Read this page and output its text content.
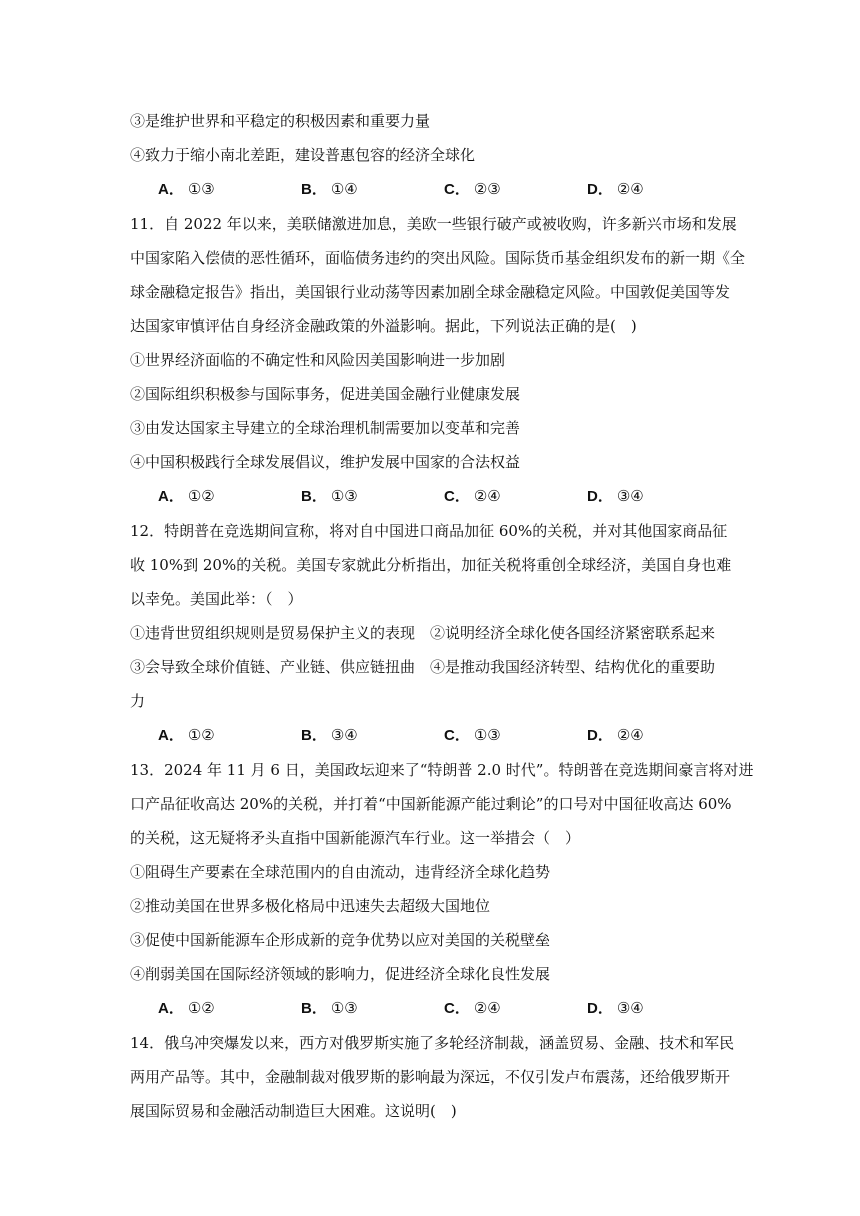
③是维护世界和平稳定的积极因素和重要力量
④致力于缩小南北差距，建设普惠包容的经济全球化
A． ①③	B． ①④	C． ②③	D． ②④
11．自 2022 年以来，美联储激进加息，美欧一些银行破产或被收购，许多新兴市场和发展
中国家陷入偿债的恶性循环，面临债务违约的突出风险。国际货币基金组织发布的新一期《全
球金融稳定报告》指出，美国银行业动荡等因素加剧全球金融稳定风险。中国敦促美国等发
达国家审慎评估自身经济金融政策的外溢影响。据此，下列说法正确的是(　)
①世界经济面临的不确定性和风险因美国影响进一步加剧
②国际组织积极参与国际事务，促进美国金融行业健康发展
③由发达国家主导建立的全球治理机制需要加以变革和完善
④中国积极践行全球发展倡议，维护发展中国家的合法权益
A． ①②	B． ①③	C． ②④	D． ③④
12．特朗普在竞选期间宣称，将对自中国进口商品加征 60%的关税，并对其他国家商品征
收 10%到 20%的关税。美国专家就此分析指出，加征关税将重创全球经济，美国自身也难
以幸免。美国此举：（　）
①违背世贸组织规则是贸易保护主义的表现　②说明经济全球化使各国经济紧密联系起来
③会导致全球价值链、产业链、供应链扭曲　④是推动我国经济转型、结构优化的重要助
力
A． ①②	B． ③④	C． ①③	D． ②④
13．2024 年 11 月 6 日，美国政坛迎来了“特朗普 2.0 时代”。特朗普在竞选期间豪言将对进
口产品征收高达 20%的关税，并打着“中国新能源产能过剩论”的口号对中国征收高达 60%
的关税，这无疑将矛头直指中国新能源汽车行业。这一举措会（　）
①阻碍生产要素在全球范围内的自由流动，违背经济全球化趋势
②推动美国在世界多极化格局中迅速失去超级大国地位
③促使中国新能源车企形成新的竞争优势以应对美国的关税壁垒
④削弱美国在国际经济领域的影响力，促进经济全球化良性发展
A． ①②	B． ①③	C． ②④	D． ③④
14．俄乌冲突爆发以来，西方对俄罗斯实施了多轮经济制裁，涵盖贸易、金融、技术和军民
两用产品等。其中，金融制裁对俄罗斯的影响最为深远，不仅引发卢布震荡，还给俄罗斯开
展国际贸易和金融活动制造巨大困难。这说明(　)
